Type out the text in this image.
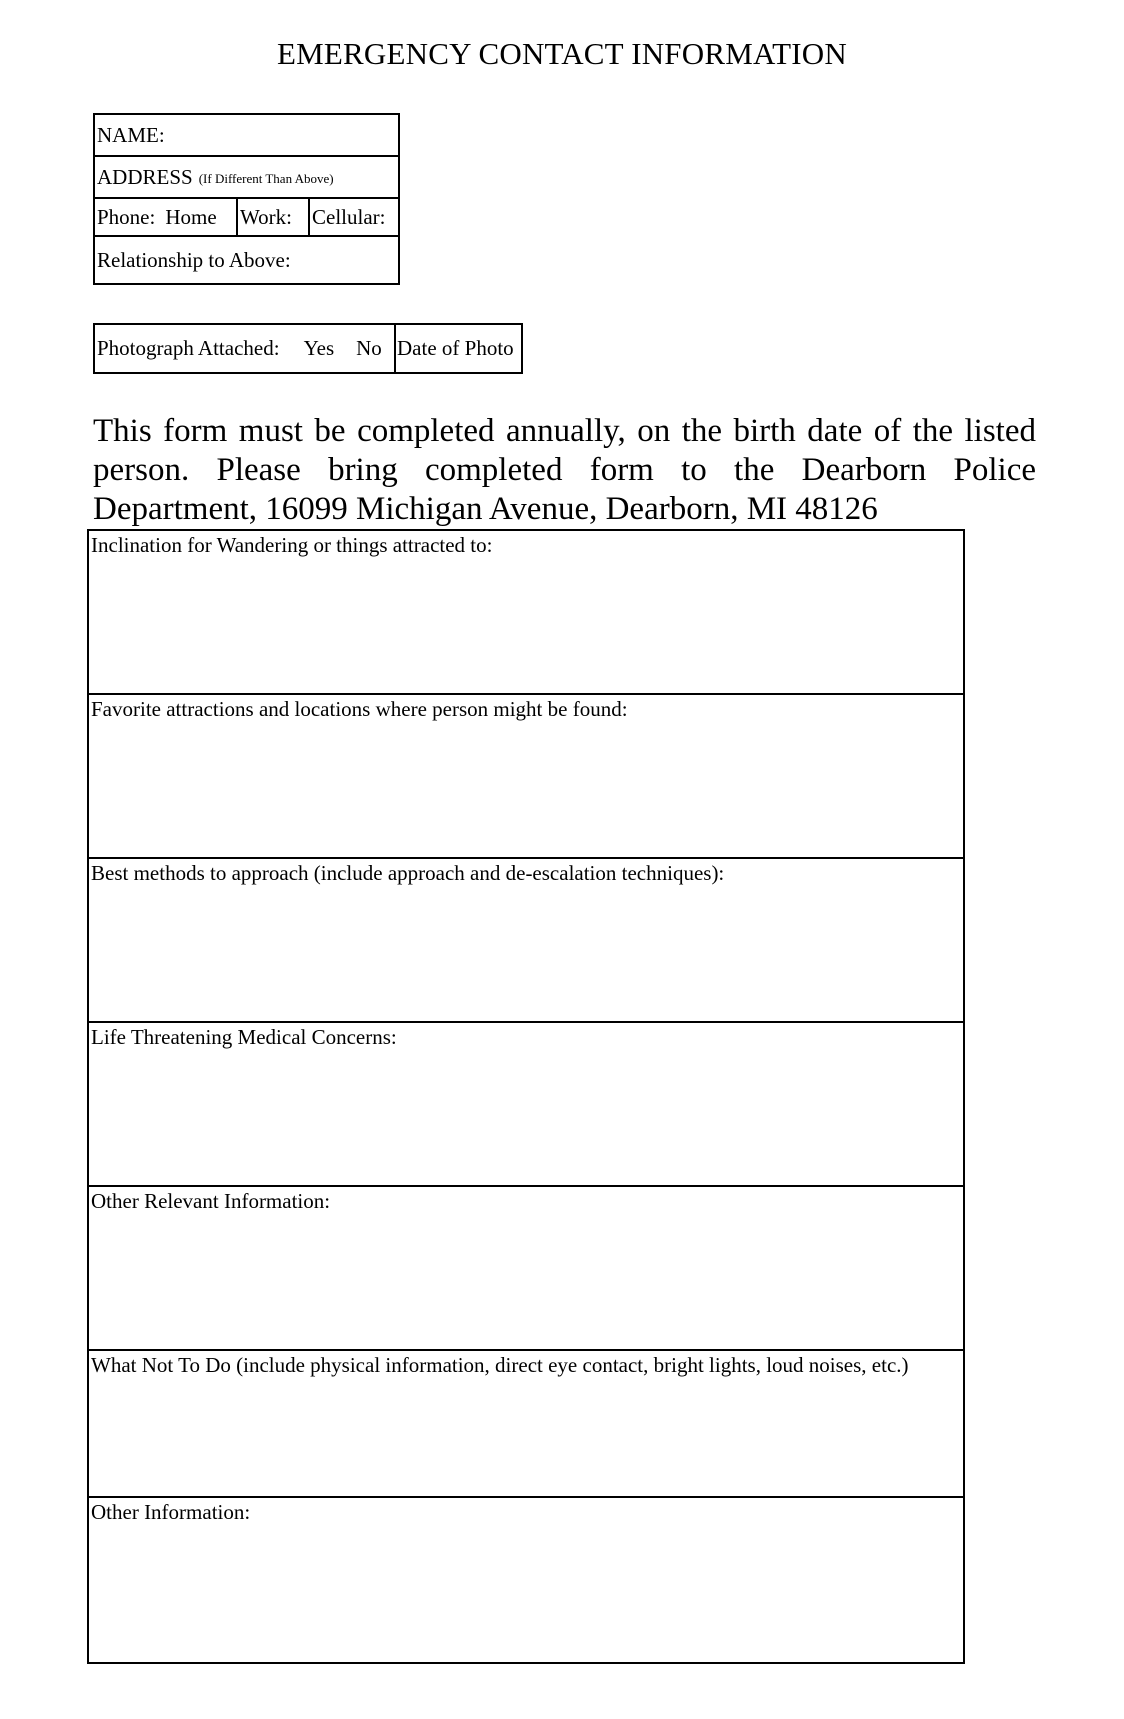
EMERGENCY CONTACT INFORMATION
NAME:
ADDRESS (If Different Than Above)
Phone: Home Work: Cellular:
Relationship to Above:
Photograph Attached: Yes No Date of Photo
This form must be completed annually, on the birth date of the listed person. Please bring completed form to the Dearborn Police Department, 16099 Michigan Avenue, Dearborn, MI 48126
Inclination for Wandering or things attracted to:
Favorite attractions and locations where person might be found:
Best methods to approach (include approach and de-escalation techniques):
Life Threatening Medical Concerns:
Other Relevant Information:
What Not To Do (include physical information, direct eye contact, bright lights, loud noises, etc.)
Other Information:
